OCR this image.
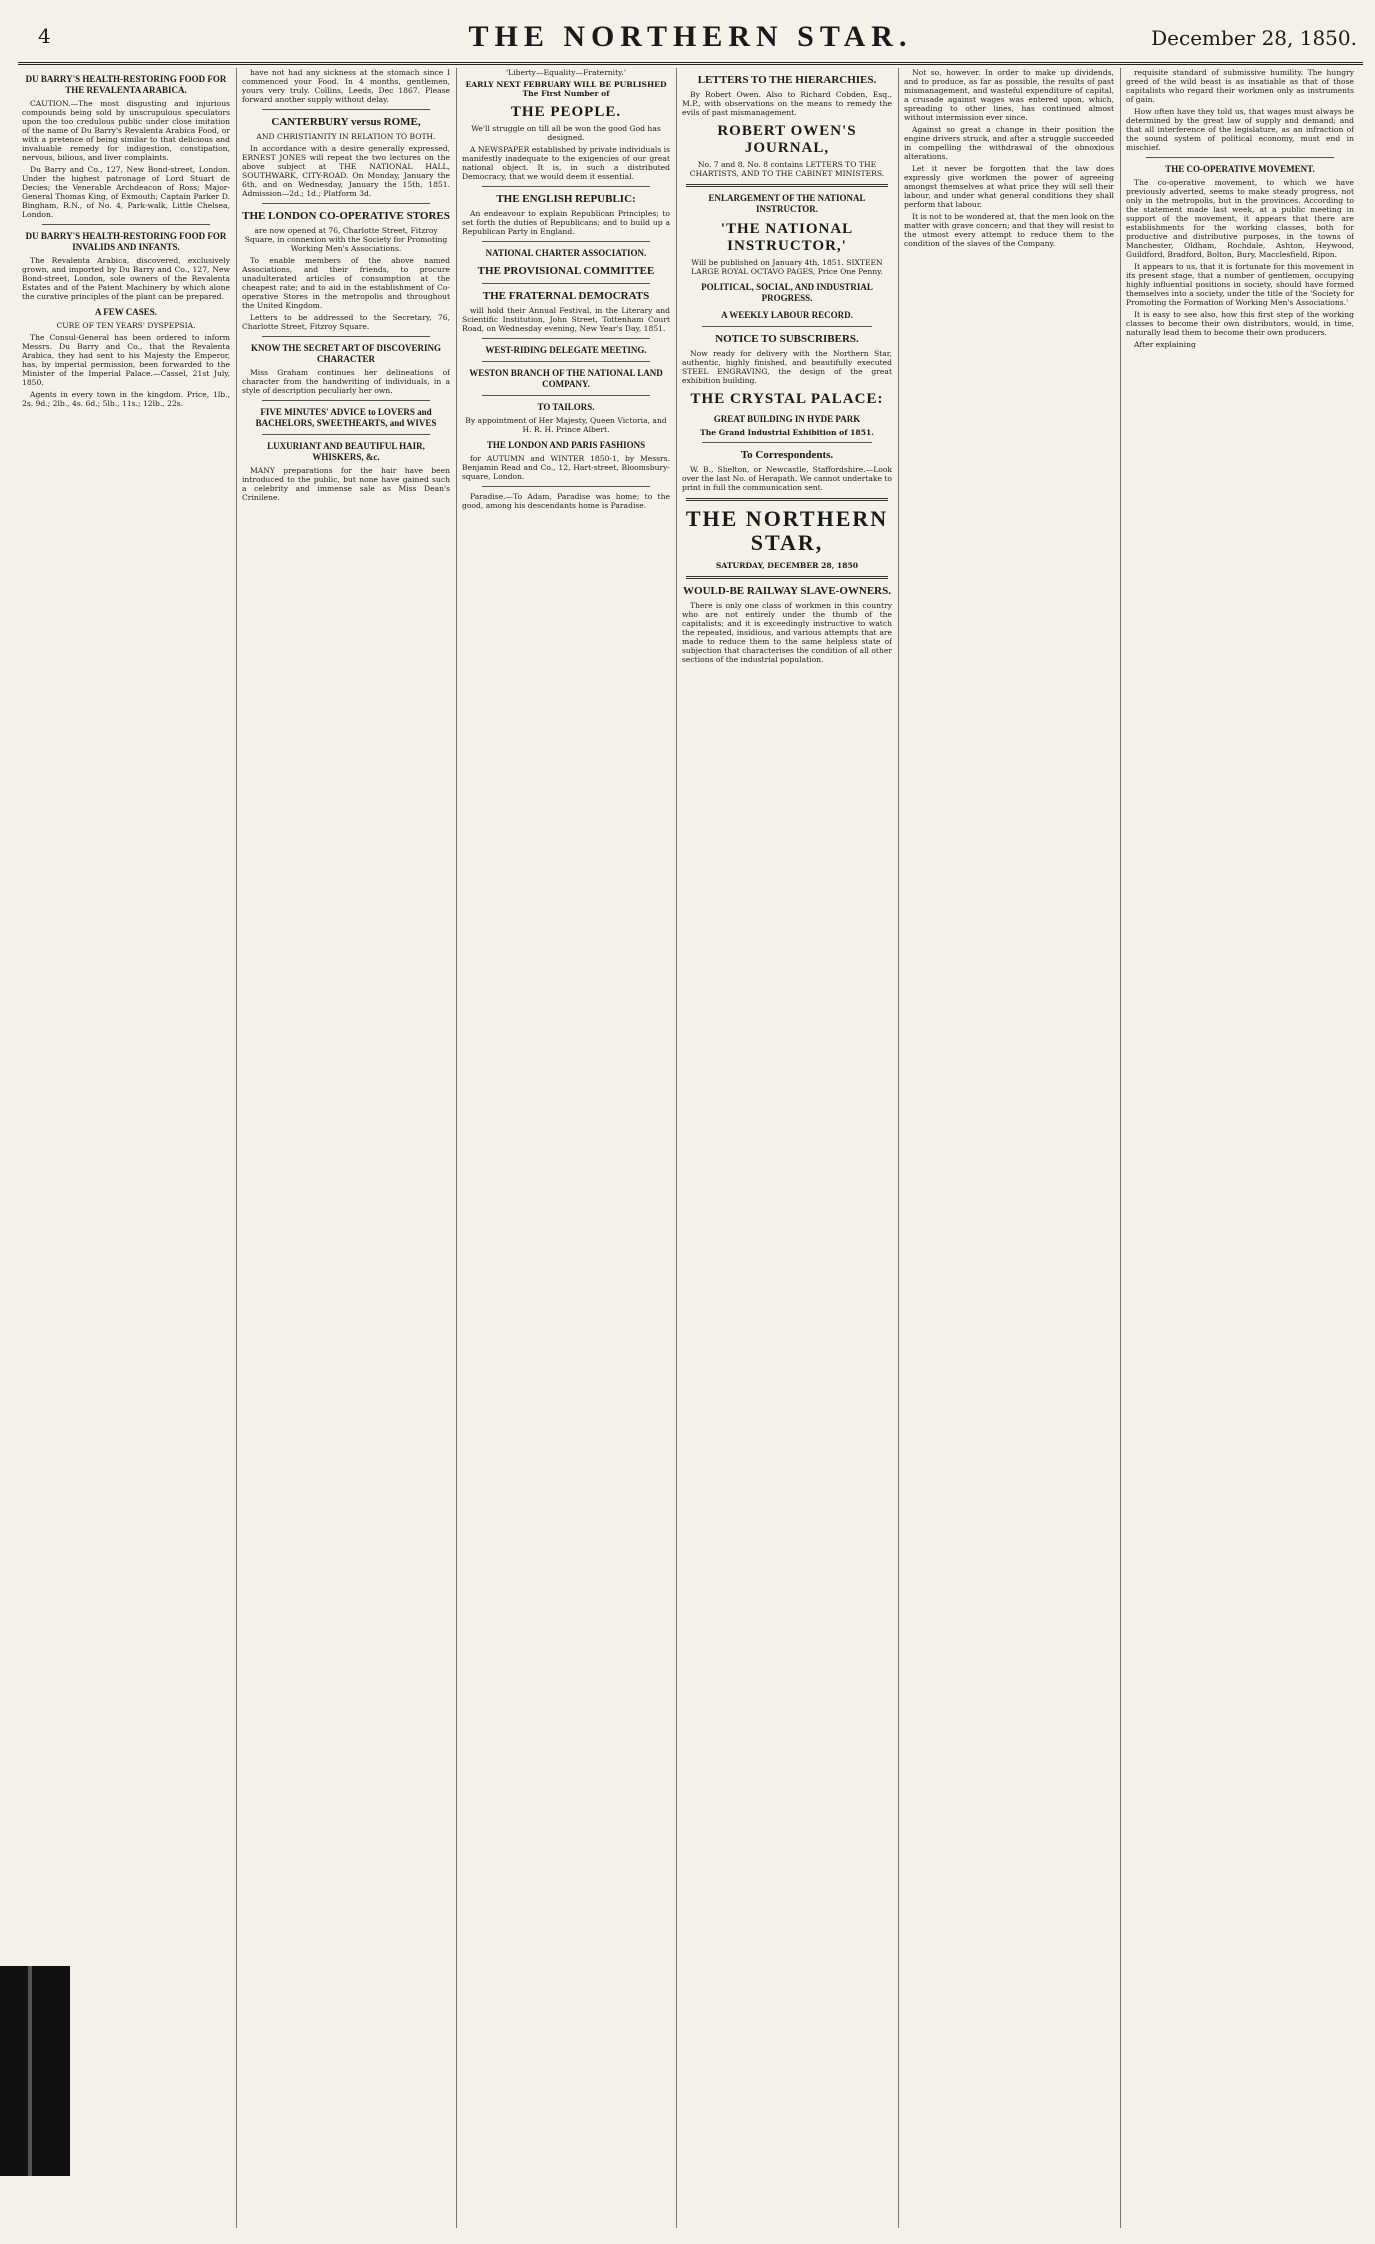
4	THE NORTHERN STAR.	December 28, 1850.
DU BARRY'S HEALTH-RESTORING FOOD FOR THE REVALENTA ARABICA.

CAUTION.—The most disgusting and injurious compounds being sold by unscrupulous speculators upon the too credulous public under close imitation of the name of Du Barry's Revalenta Arabica Food, or with a pretence of being similar to that delicious and invaluable remedy for indigestion, constipation, nervous, bilious, and liver complaints.

Du Barry and Co., 127, New Bond-street, London. Under the highest patronage of Lord Stuart de Decies; the Venerable Archdeacon of Ross; Major-General Thomas King, of Exmouth; Captain Parker D. Bingham, R.N., of No. 4, Park-walk, Little Chelsea, London.

DU BARRY'S HEALTH-RESTORING FOOD FOR INVALIDS AND INFANTS.

The Revalenta Arabica, discovered, exclusively grown, and imported by Du Barry and Co., 127, New Bond-street, London, sole owners of the Revalenta Estates and of the Patent Machinery by which alone the curative principles of the plant can be prepared.

A FEW CASES.

CURE OF TEN YEARS' DYSPEPSIA.

The Consul-General has been ordered to inform Messrs. Du Barry and Co., that the Revalenta Arabica, they had sent to his Majesty the Emperor, has, by imperial permission, been forwarded to the Minister of the Imperial Palace.—Cassel, 21st July, 1850.

Agents in every town in the kingdom. Price, 1lb., 2s. 9d.; 2lb., 4s. 6d.; 5lb., 11s.; 12lb., 22s.

have not had any sickness at the stomach since I commenced your Food. In 4 months, gentlemen, yours very truly. Collins, Leeds, Dec 1867. Please forward another supply without delay.

CANTERBURY versus ROME,

AND CHRISTIANITY IN RELATION TO BOTH.

In accordance with a desire generally expressed, ERNEST JONES will repeat the two lectures on the above subject at THE NATIONAL HALL, SOUTHWARK, CITY-ROAD. On Monday, January the 6th, and on Wednesday, January the 15th, 1851. Admission—2d.; 1d.; Platform 3d.

THE LONDON CO-OPERATIVE STORES

are now opened at 76, Charlotte Street, Fitzroy Square, in connexion with the Society for Promoting Working Men's Associations.

To enable members of the above named Associations, and their friends, to procure unadulterated articles of consumption at the cheapest rate; and to aid in the establishment of Co-operative Stores in the metropolis and throughout the United Kingdom.

Letters to be addressed to the Secretary, 76, Charlotte Street, Fitzroy Square.

KNOW THE SECRET ART OF DISCOVERING CHARACTER

Miss Graham continues her delineations of character from the handwriting of individuals, in a style of description peculiarly her own.

FIVE MINUTES' ADVICE to LOVERS and BACHELORS, SWEETHEARTS, and WIVES
LUXURIANT AND BEAUTIFUL HAIR, WHISKERS, &c.

MANY preparations for the hair have been introduced to the public, but none have gained such a celebrity and immense sale as Miss Dean's Crinilene.

'Liberty—Equality—Fraternity.'

EARLY NEXT FEBRUARY WILL BE PUBLISHED The First Number of

THE PEOPLE.

We'll struggle on till all be won the good God has designed.

A NEWSPAPER established by private individuals is manifestly inadequate to the exigencies of our great national object. It is, in such a distributed Democracy, that we would deem it essential.

THE ENGLISH REPUBLIC:

An endeavour to explain Republican Principles; to set forth the duties of Republicans; and to build up a Republican Party in England.

NATIONAL CHARTER ASSOCIATION.
THE PROVISIONAL COMMITTEE
THE FRATERNAL DEMOCRATS

will hold their Annual Festival, in the Literary and Scientific Institution, John Street, Tottenham Court Road, on Wednesday evening, New Year's Day, 1851.

WEST-RIDING DELEGATE MEETING.
WESTON BRANCH OF THE NATIONAL LAND COMPANY.
TO TAILORS.

By appointment of Her Majesty, Queen Victoria, and H. R. H. Prince Albert.

THE LONDON AND PARIS FASHIONS

for AUTUMN and WINTER 1850-1, by Messrs. Benjamin Read and Co., 12, Hart-street, Bloomsbury-square, London.

Paradise.—To Adam, Paradise was home; to the good, among his descendants home is Paradise.

LETTERS TO THE HIERARCHIES.

By Robert Owen. Also to Richard Cobden, Esq., M.P., with observations on the means to remedy the evils of past mismanagement.

ROBERT OWEN'S JOURNAL,

No. 7 and 8. No. 8 contains LETTERS TO THE CHARTISTS, AND TO THE CABINET MINISTERS.

ENLARGEMENT OF THE NATIONAL INSTRUCTOR.
'THE NATIONAL INSTRUCTOR,'

Will be published on January 4th, 1851. SIXTEEN LARGE ROYAL OCTAVO PAGES, Price One Penny.

POLITICAL, SOCIAL, AND INDUSTRIAL PROGRESS.
A WEEKLY LABOUR RECORD.
NOTICE TO SUBSCRIBERS.

Now ready for delivery with the Northern Star, authentic, highly finished, and beautifully executed STEEL ENGRAVING, the design of the great exhibition building.

THE CRYSTAL PALACE:
GREAT BUILDING IN HYDE PARK

The Grand Industrial Exhibition of 1851.

To Correspondents.

W. B., Shelton, or Newcastle, Staffordshire.—Look over the last No. of Herapath. We cannot undertake to print in full the communication sent.

THE NORTHERN STAR,

SATURDAY, DECEMBER 28, 1850

WOULD-BE RAILWAY SLAVE-OWNERS.

There is only one class of workmen in this country who are not entirely under the thumb of the capitalists; and it is exceedingly instructive to watch the repeated, insidious, and various attempts that are made to reduce them to the same helpless state of subjection that characterises the condition of all other sections of the industrial population.

Not so, however. In order to make up dividends, and to produce, as far as possible, the results of past mismanagement, and wasteful expenditure of capital, a crusade against wages was entered upon, which, spreading to other lines, has continued almost without intermission ever since.

Against so great a change in their position the engine drivers struck, and after a struggle succeeded in compelling the withdrawal of the obnoxious alterations.

Let it never be forgotten that the law does expressly give workmen the power of agreeing amongst themselves at what price they will sell their labour, and under what general conditions they shall perform that labour.

It is not to be wondered at, that the men look on the matter with grave concern; and that they will resist to the utmost every attempt to reduce them to the condition of the slaves of the Company.

requisite standard of submissive humility. The hungry greed of the wild beast is as insatiable as that of those capitalists who regard their workmen only as instruments of gain.

How often have they told us, that wages must always be determined by the great law of supply and demand; and that all interference of the legislature, as an infraction of the sound system of political economy, must end in mischief.

THE CO-OPERATIVE MOVEMENT.

The co-operative movement, to which we have previously adverted, seems to make steady progress, not only in the metropolis, but in the provinces. According to the statement made last week, at a public meeting in support of the movement, it appears that there are establishments for the working classes, both for productive and distributive purposes, in the towns of Manchester, Oldham, Rochdale, Ashton, Heywood, Guildford, Bradford, Bolton, Bury, Macclesfield, Ripon.

It appears to us, that it is fortunate for this movement in its present stage, that a number of gentlemen, occupying highly influential positions in society, should have formed themselves into a society, under the title of the 'Society for Promoting the Formation of Working Men's Associations.'

It is easy to see also, how this first step of the working classes to become their own distributors, would, in time, naturally lead them to become their own producers.

After explaining
